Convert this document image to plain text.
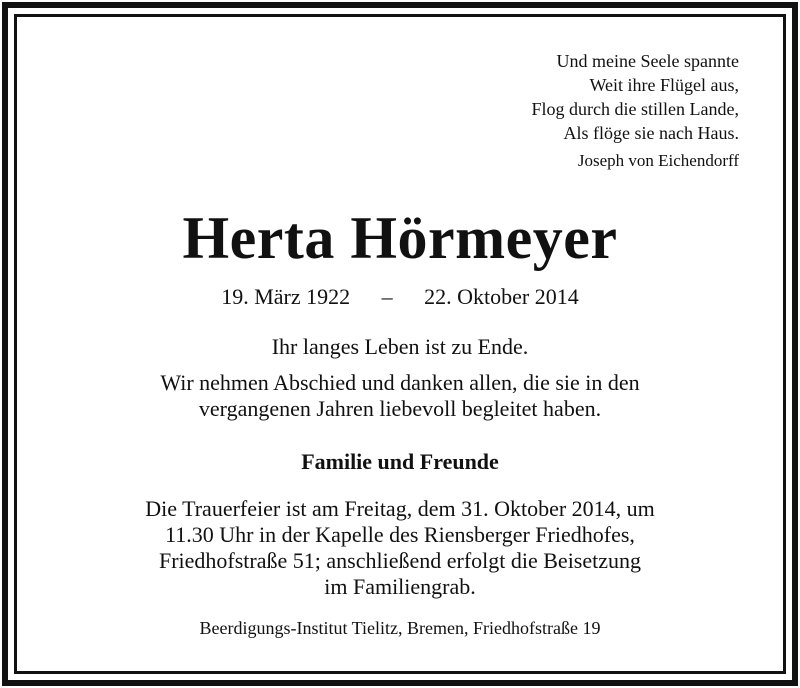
Und meine Seele spannte
Weit ihre Flügel aus,
Flog durch die stillen Lande,
Als flöge sie nach Haus.
Joseph von Eichendorff
Herta Hörmeyer
19. März 1922 – 22. Oktober 2014
Ihr langes Leben ist zu Ende.
Wir nehmen Abschied und danken allen, die sie in den
vergangenen Jahren liebevoll begleitet haben.
Familie und Freunde
Die Trauerfeier ist am Freitag, dem 31. Oktober 2014, um
11.30 Uhr in der Kapelle des Riensberger Friedhofes,
Friedhofstraße 51; anschließend erfolgt die Beisetzung
im Familiengrab.
Beerdigungs-Institut Tielitz, Bremen, Friedhofstraße 19
